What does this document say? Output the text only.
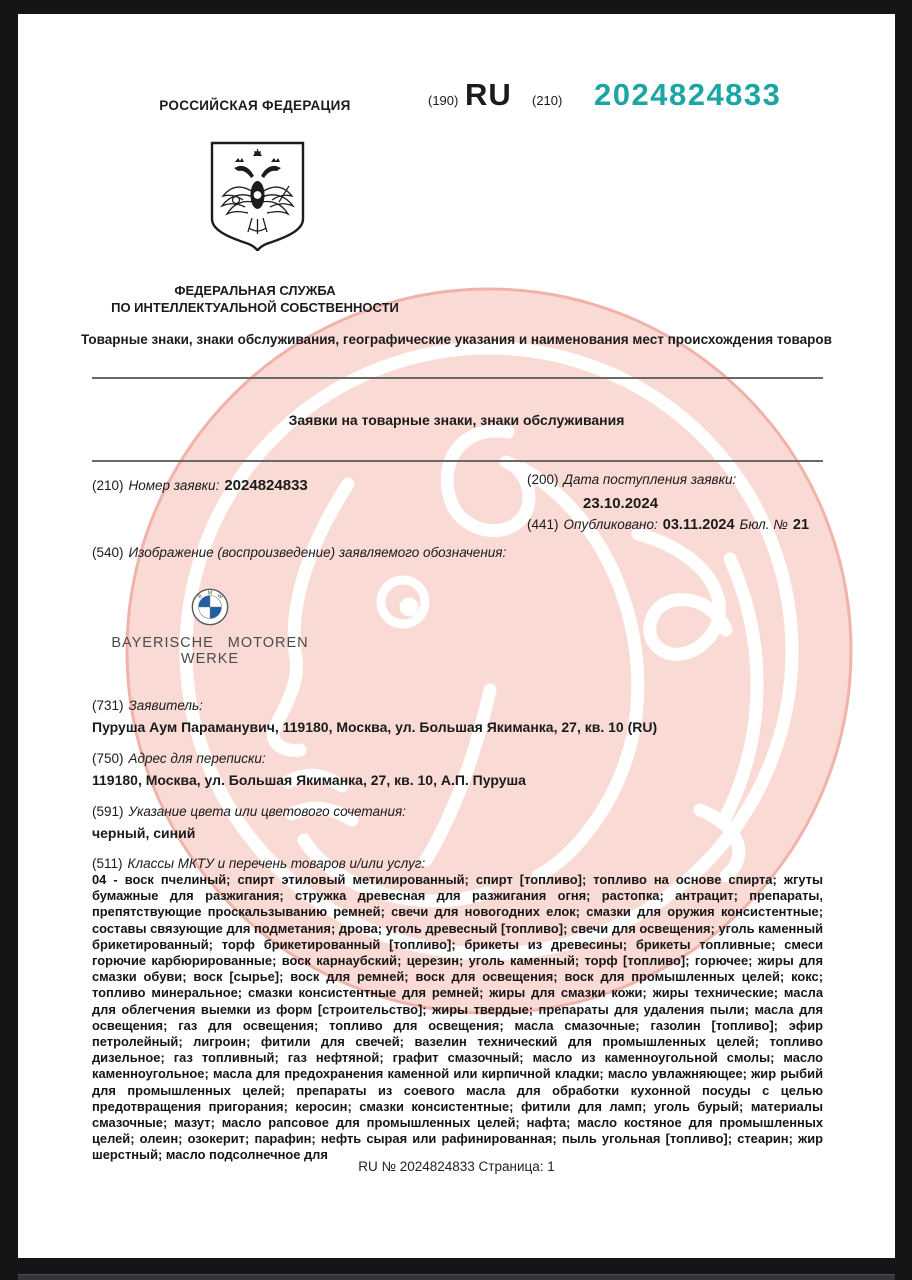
РОССИЙСКАЯ ФЕДЕРАЦИЯ	(190) RU (210) 2024824833
ФЕДЕРАЛЬНАЯ СЛУЖБА
ПО ИНТЕЛЛЕКТУАЛЬНОЙ СОБСТВЕННОСТИ
Товарные знаки, знаки обслуживания, географические указания и наименования мест происхождения товаров
Заявки на товарные знаки, знаки обслуживания
(210) Номер заявки: 2024824833	(200) Дата поступления заявки:
23.10.2024
(441) Опубликовано: 03.11.2024 Бюл. № 21
(540) Изображение (воспроизведение) заявляемого обозначения:
B M W
BAYERISCHE MOTOREN WERKE
(731) Заявитель:
Пуруша Аум Параманувич, 119180, Москва, ул. Большая Якиманка, 27, кв. 10 (RU)
(750) Адрес для переписки:
119180, Москва, ул. Большая Якиманка, 27, кв. 10, А.П. Пуруша
(591) Указание цвета или цветового сочетания:
черный, синий
(511) Классы МКТУ и перечень товаров и/или услуг:
04 - воск пчелиный; спирт этиловый метилированный; спирт [топливо]; топливо на основе спирта; жгуты бумажные для разжигания; стружка древесная для разжигания огня; растопка; антрацит; препараты, препятствующие проскальзыванию ремней; свечи для новогодних елок; смазки для оружия консистентные; составы связующие для подметания; дрова; уголь древесный [топливо]; свечи для освещения; уголь каменный брикетированный; торф брикетированный [топливо]; брикеты из древесины; брикеты топливные; смеси горючие карбюрированные; воск карнаубский; церезин; уголь каменный; торф [топливо]; горючее; жиры для смазки обуви; воск [сырье]; воск для ремней; воск для освещения; воск для промышленных целей; кокс; топливо минеральное; смазки консистентные для ремней; жиры для смазки кожи; жиры технические; масла для облегчения выемки из форм [строительство]; жиры твердые; препараты для удаления пыли; масла для освещения; газ для освещения; топливо для освещения; масла смазочные; газолин [топливо]; эфир петролейный; лигроин; фитили для свечей; вазелин технический для промышленных целей; топливо дизельное; газ топливный; газ нефтяной; графит смазочный; масло из каменноугольной смолы; масло каменноугольное; масла для предохранения каменной или кирпичной кладки; масло увлажняющее; жир рыбий для промышленных целей; препараты из соевого масла для обработки кухонной посуды с целью предотвращения пригорания; керосин; смазки консистентные; фитили для ламп; уголь бурый; материалы смазочные; мазут; масло рапсовое для промышленных целей; нафта; масло костяное для промышленных целей; олеин; озокерит; парафин; нефть сырая или рафинированная; пыль угольная [топливо]; стеарин; жир шерстный; масло подсолнечное для
RU № 2024824833 Страница: 1
